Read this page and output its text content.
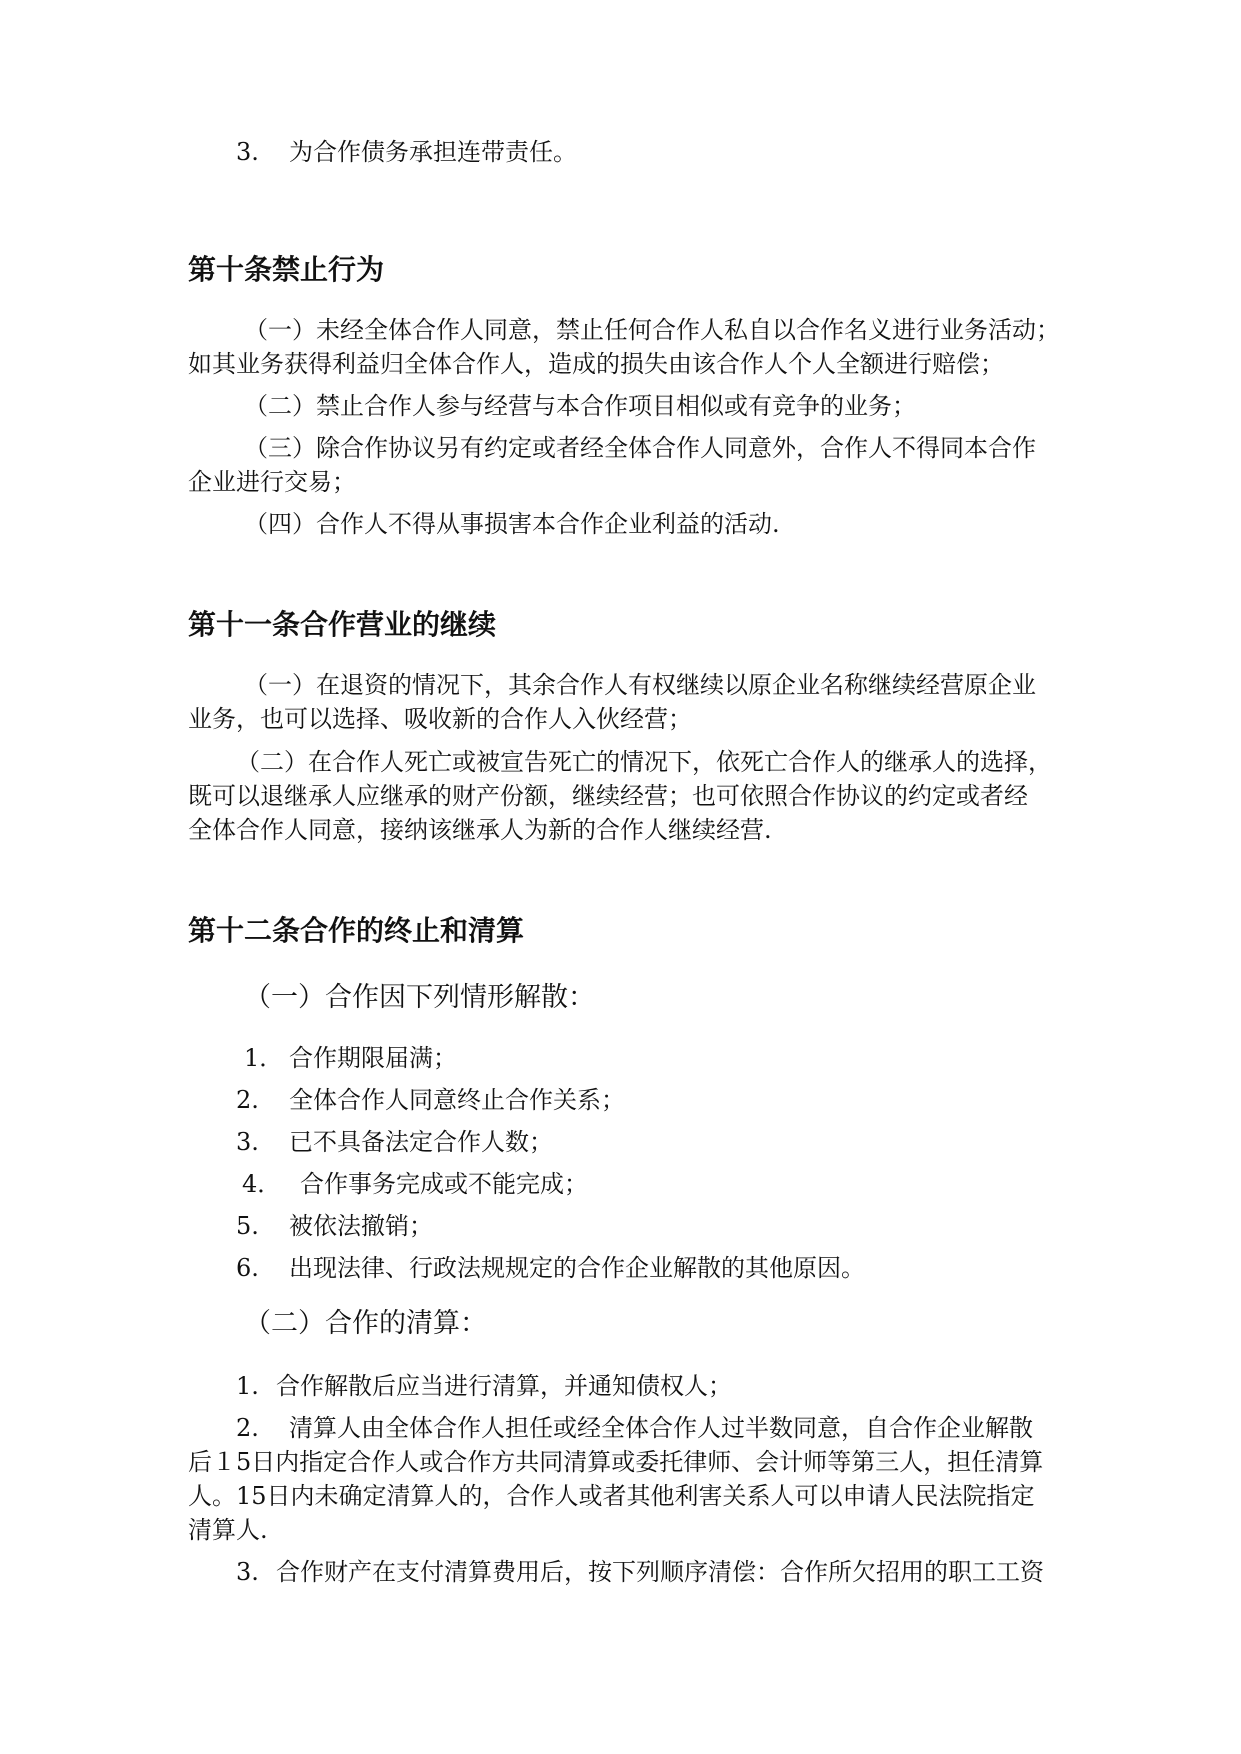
3. 为合作债务承担连带责任。
第十条禁止行为
（一）未经全体合作人同意，禁止任何合作人私自以合作名义进行业务活动；
如其业务获得利益归全体合作人，造成的损失由该合作人个人全额进行赔偿；
（二）禁止合作人参与经营与本合作项目相似或有竞争的业务；
（三）除合作协议另有约定或者经全体合作人同意外，合作人不得同本合作
企业进行交易；
（四）合作人不得从事损害本合作企业利益的活动.
第十一条合作营业的继续
（一）在退资的情况下，其余合作人有权继续以原企业名称继续经营原企业
业务，也可以选择、吸收新的合作人入伙经营；
（二）在合作人死亡或被宣告死亡的情况下，依死亡合作人的继承人的选择，
既可以退继承人应继承的财产份额，继续经营；也可依照合作协议的约定或者经
全体合作人同意，接纳该继承人为新的合作人继续经营.
第十二条合作的终止和清算
（一）合作因下列情形解散：
1． 合作期限届满；
2. 全体合作人同意终止合作关系；
3. 已不具备法定合作人数；
4． 合作事务完成或不能完成；
5. 被依法撤销；
6. 出现法律、行政法规规定的合作企业解散的其他原因。
（二）合作的清算：
1. 合作解散后应当进行清算，并通知债权人；
2. 清算人由全体合作人担任或经全体合作人过半数同意，自合作企业解散
后１5日内指定合作人或合作方共同清算或委托律师、会计师等第三人，担任清算
人。15日内未确定清算人的，合作人或者其他利害关系人可以申请人民法院指定
清算人.
3. 合作财产在支付清算费用后，按下列顺序清偿：合作所欠招用的职工工资
